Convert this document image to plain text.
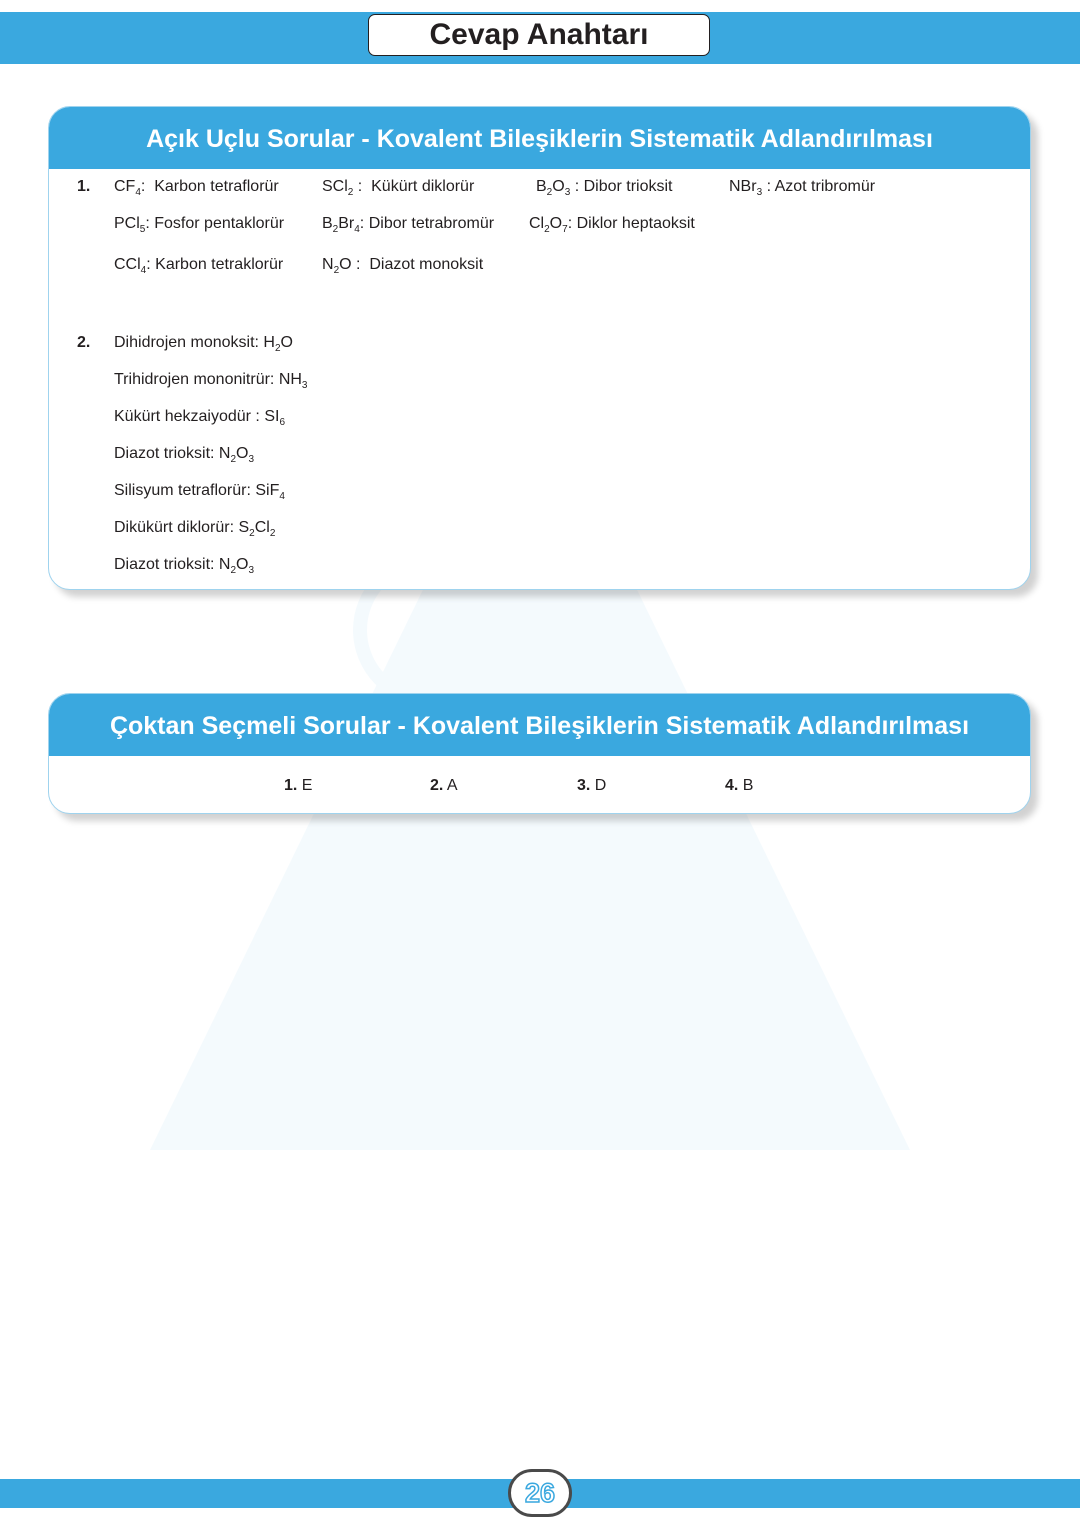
Cevap Anahtarı
Açık Uçlu Sorular - Kovalent Bileşiklerin Sistematik Adlandırılması
1. $CF_4$: Karbon tetraflorür	SCl$_2$ : Kükürt diklorür	$B_2O_3$ : Dibor trioksit	NBr$_3$ : Azot tribromür
PCl$_5$: Fosfor pentaklorür $B_2Br_4$: Dibor tetrabromür $Cl_2O_7$: Diklor heptaoksit
CCl$_4$: Karbon tetraklorür $N_2O$ : Diazot monoksit
2. Dihidrojen monoksit: $H_2O$
Trihidrojen mononitrür: $NH_3$
Kükürt hekzaiyodür : $SI_6$
Diazot trioksit: $N_2O_3$
Silisyum tetraflorür: SiF$_4$
Dikükürt diklorür: $S_2Cl_2$
Diazot trioksit: $N_2O_3$
Çoktan Seçmeli Sorular - Kovalent Bileşiklerin Sistematik Adlandırılması
1. E	2. A	3. D	4. B
26
